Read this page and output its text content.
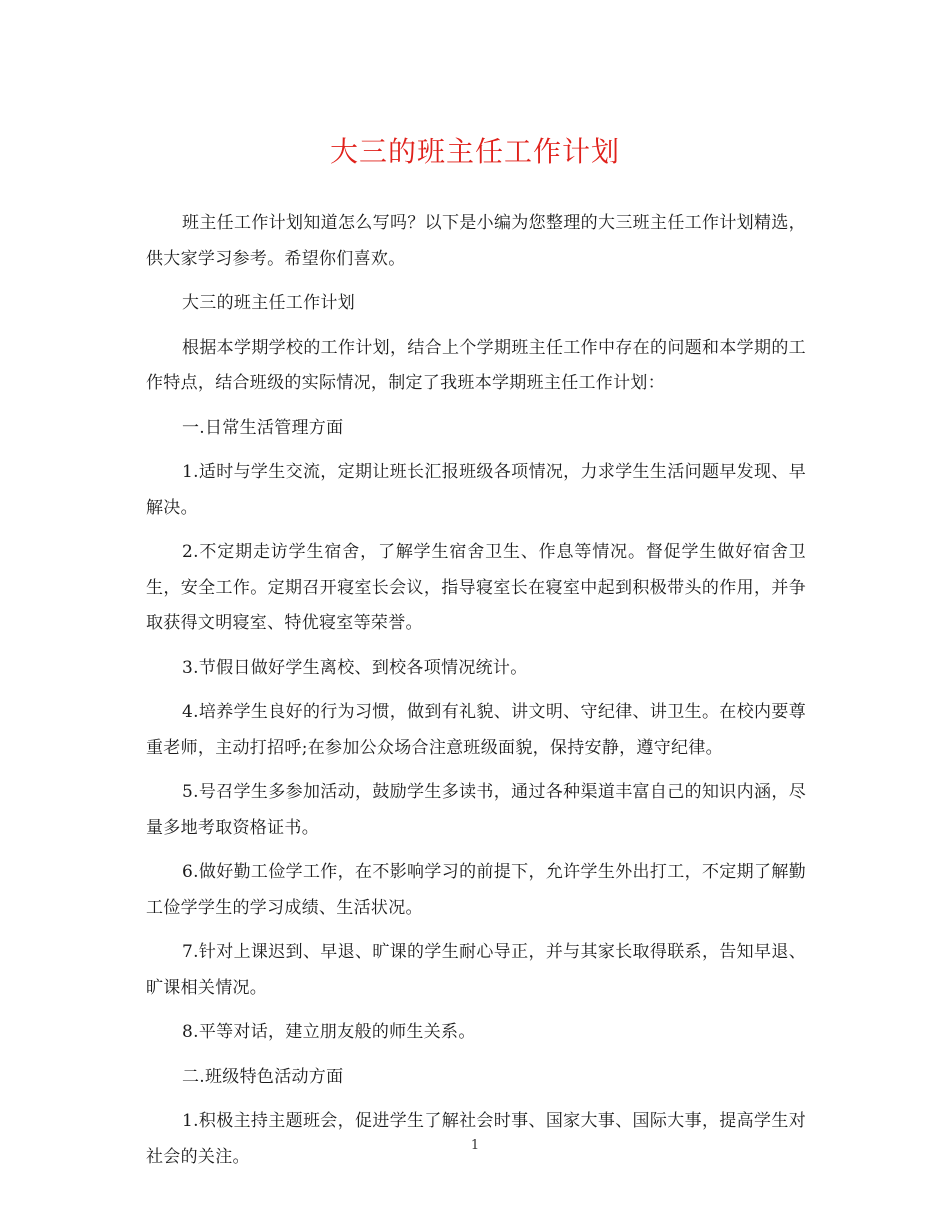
大三的班主任工作计划

班主任工作计划知道怎么写吗？以下是小编为您整理的大三班主任工作计划精选，供大家学习参考。希望你们喜欢。

大三的班主任工作计划

根据本学期学校的工作计划，结合上个学期班主任工作中存在的问题和本学期的工作特点，结合班级的实际情况，制定了我班本学期班主任工作计划：

一.日常生活管理方面

1.适时与学生交流，定期让班长汇报班级各项情况，力求学生生活问题早发现、早解决。

2.不定期走访学生宿舍，了解学生宿舍卫生、作息等情况。督促学生做好宿舍卫生，安全工作。定期召开寝室长会议，指导寝室长在寝室中起到积极带头的作用，并争取获得文明寝室、特优寝室等荣誉。

3.节假日做好学生离校、到校各项情况统计。

4.培养学生良好的行为习惯，做到有礼貌、讲文明、守纪律、讲卫生。在校内要尊重老师，主动打招呼;在参加公众场合注意班级面貌，保持安静，遵守纪律。

5.号召学生多参加活动，鼓励学生多读书，通过各种渠道丰富自己的知识内涵，尽量多地考取资格证书。

6.做好勤工俭学工作，在不影响学习的前提下，允许学生外出打工，不定期了解勤工俭学学生的学习成绩、生活状况。

7.针对上课迟到、早退、旷课的学生耐心导正，并与其家长取得联系，告知早退、旷课相关情况。

8.平等对话，建立朋友般的师生关系。

二.班级特色活动方面

1.积极主持主题班会，促进学生了解社会时事、国家大事、国际大事，提高学生对社会的关注。

1
